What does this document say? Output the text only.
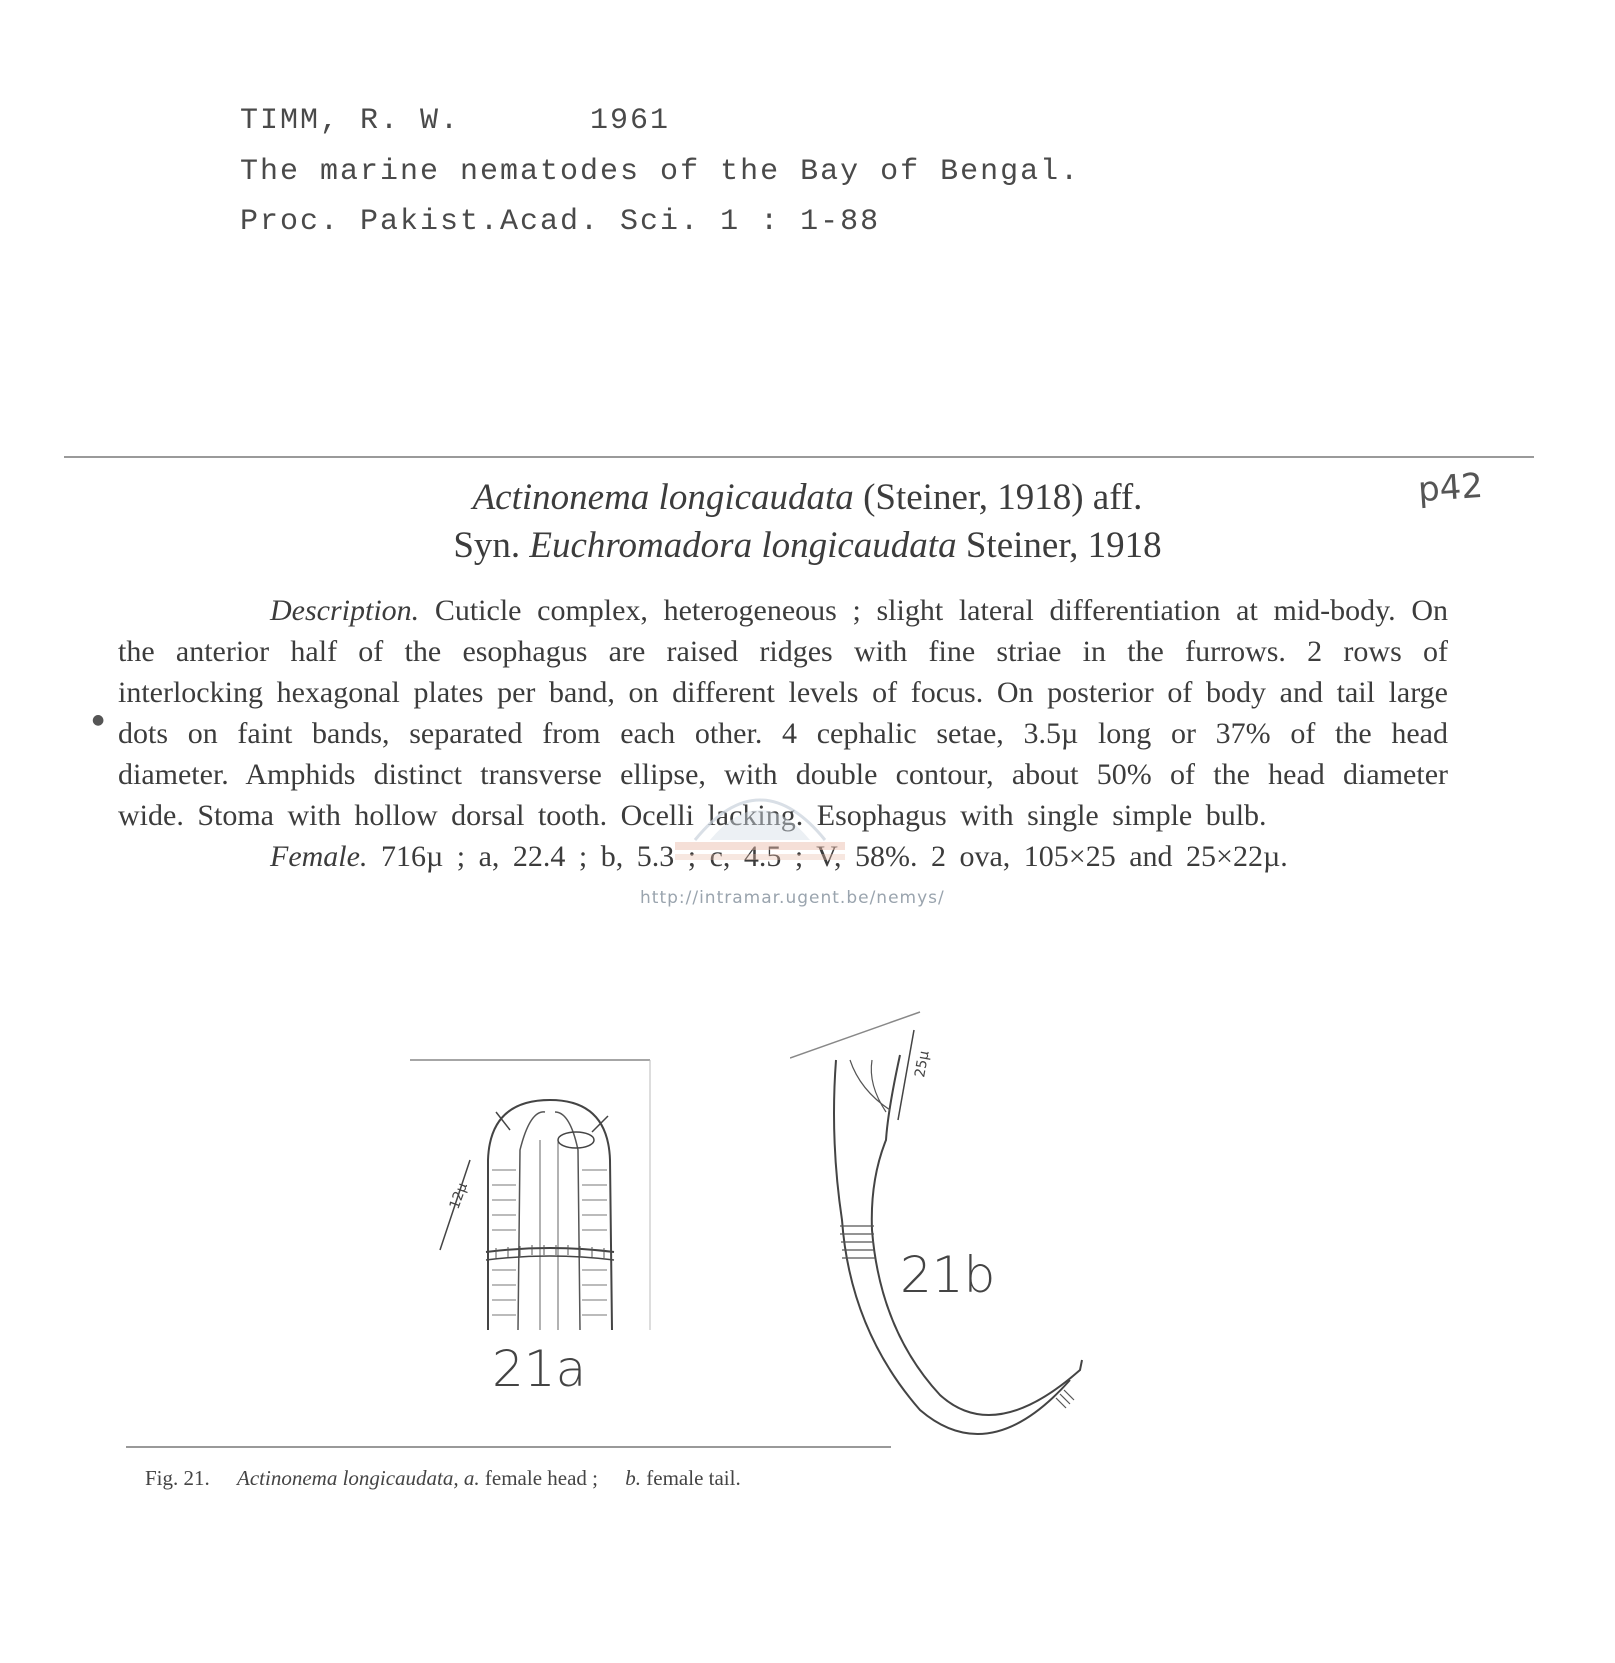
TIMM, R. W.	1961
The marine nematodes of the Bay of Bengal.
Proc. Pakist.Acad. Sci. 1 : 1-88
p42
Actinonema longicaudata (Steiner, 1918) aff.
Syn. Euchromadora longicaudata Steiner, 1918
●

Description. Cuticle complex, heterogeneous ; slight lateral differentiation at mid-body. On the anterior half of the esophagus are raised ridges with fine striae in the furrows. 2 rows of interlocking hexagonal plates per band, on different levels of focus. On posterior of body and tail large dots on faint bands, separated from each other. 4 cephalic setae, 3.5µ long or 37% of the head diameter. Amphids distinct transverse ellipse, with double contour, about 50% of the head diameter wide. Stoma with hollow dorsal tooth. Ocelli lacking. Esophagus with single simple bulb.

Female. 716µ ; a, 22.4 ; b, 5.3 ; c, 4.5 ; V, 58%. 2 ova, 105×25 and 25×22µ.

http://intramar.ugent.be/nemys/
12µ
21a
25µ
21b
Fig. 21. Actinonema longicaudata, a. female head ; b. female tail.
